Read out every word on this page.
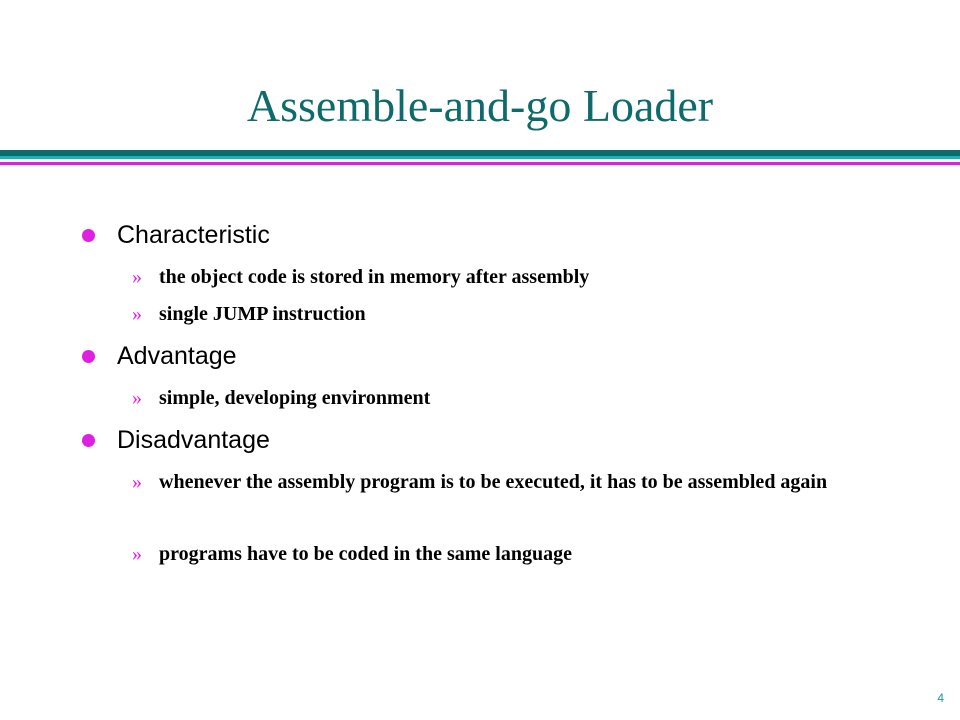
Assemble-and-go Loader
Characteristic
» the object code is stored in memory after assembly
» single JUMP instruction
Advantage
» simple, developing environment
Disadvantage
» whenever the assembly program is to be executed, it has to be assembled again
» programs have to be coded in the same language
4
